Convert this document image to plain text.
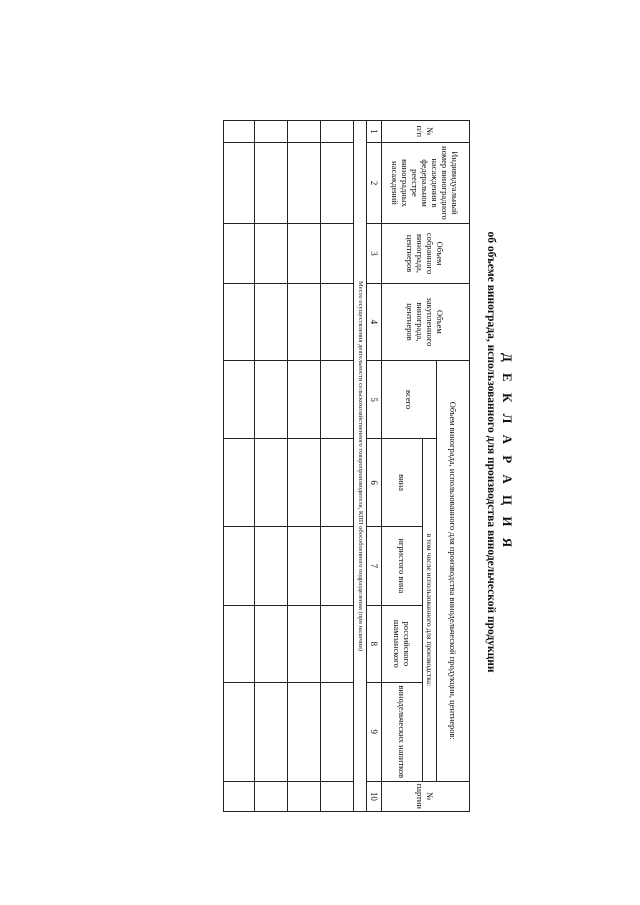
Д Е К Л А Р А Ц И Я
об объеме винограда, использованного для производства винодельческой продукции
№ п/п	Индивидуальный номер виноградного насаждения в федеральном реестре виноградных насаждений	Объем собранного винограда, центнеров	Объем закупленного винограда, центнеров	Объем винограда, использованного для производства винодельческой продукции, центнеров:					№ партии
				всего	в том числе использованного для производства:				
					вина	игристого вина	российского шампанского	винодельческих напитков	
1	2	3	4	5	6	7	8	9	10
Место осуществления деятельности сельскохозяйственного товаропроизводителя, КПП обособленного подразделения (при наличии)									
